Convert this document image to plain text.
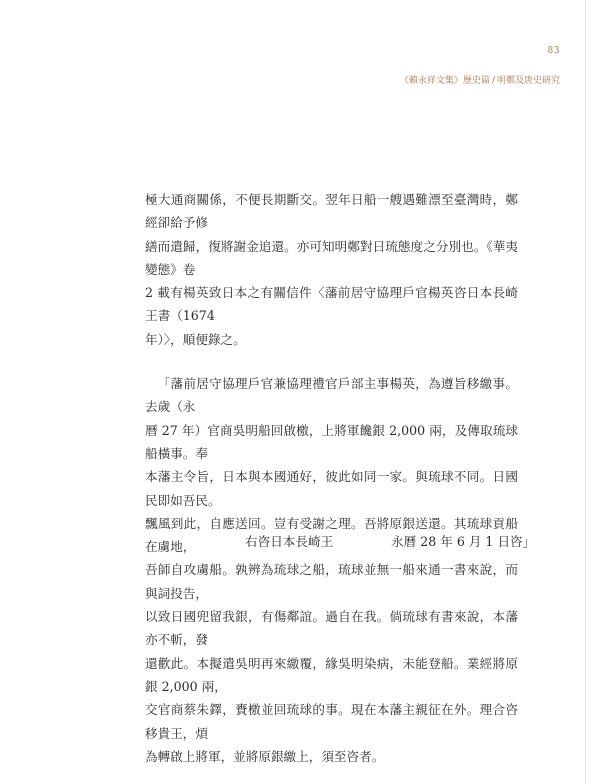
83
《賴永祥文集》歷史篇 / 明鄭及唐史研究

極大通商關係，不便長期斷交。翌年日船一艘遇難漂至臺灣時，鄭經卻給予修
繕而遣歸，復將謝金追還。亦可知明鄭對日琉態度之分別也。《華夷變態》卷
2 載有楊英致日本之有關信件〈藩前居守協理戶官楊英咨日本長崎王書（1674
年）〉，順便錄之。

「藩前居守協理戶官兼協理禮官戶部主事楊英，為遵旨移繳事。去歲（永
曆 27 年）官商吳明船回啟檄，上將軍饞銀 2,000 兩，及傳取琉球船橫事。奉
本藩主令旨，日本與本國通好，彼此如同一家。與琉球不同。日國民即如吾民。
飄風到此，自應送回。豈有受謝之理。吾將原銀送還。其琉球貢船在虜地，
吾師自攻虜船。孰辨為琉球之船，琉球並無一船來通一書來說，而與詞投告，
以致日國兜留我銀，有傷鄰誼。過自在我。倘琉球有書來說，本藩亦不斬，發
還歡此。本擬遣吳明再來繳覆，緣吳明染病，未能登船。業經將原銀 2,000 兩，
交官商蔡朱鐸，賚檄並回琉球的事。現在本藩主親征在外。理合咨移貴王，煩
為轉啟上將軍，並將原銀繳上，須至咨者。

右咨日本長崎王	永曆 28 年 6 月 1 日咨」
